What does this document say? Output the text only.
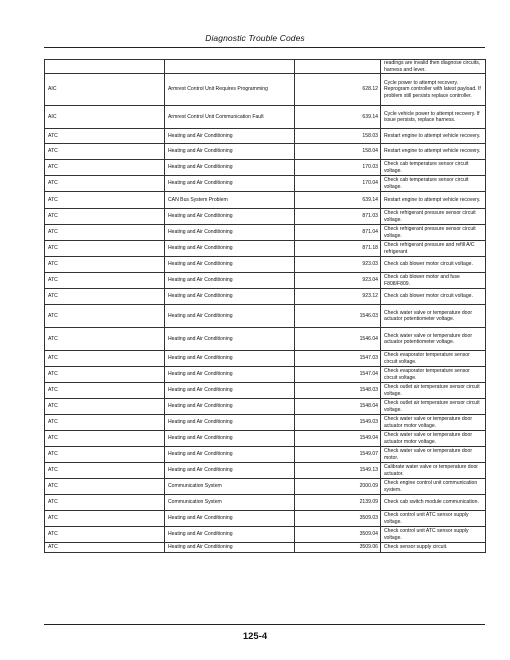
Diagnostic Trouble Codes
			readings are invalid then diagnose circuits, harness and lever.
AIC	Armrest Control Unit Requires Programming	628.12	Cycle power to attempt recovery. Reprogram controller with latest payload. If problem still persists replace controller.
AIC	Armrest Control Unit Communication Fault	639.14	Cycle vehicle power to attempt recovery. If issue persists, replace harness.
ATC	Heating and Air Conditioning	158.03	Restart engine to attempt vehicle recovery.
ATC	Heating and Air Conditioning	158.04	Restart engine to attempt vehicle recovery.
ATC	Heating and Air Conditioning	170.03	Check cab temperature sensor circuit voltage.
ATC	Heating and Air Conditioning	170.04	Check cab temperature sensor circuit voltage.
ATC	CAN Bus System Problem	639.14	Restart engine to attempt vehicle recovery.
ATC	Heating and Air Conditioning	871.03	Check refrigerant pressure sensor circuit voltage.
ATC	Heating and Air Conditioning	871.04	Check refrigerant pressure sensor circuit voltage.
ATC	Heating and Air Conditioning	871.18	Check refrigerant pressure and refill A/C refrigerant
ATC	Heating and Air Conditioning	923.03	Check cab blower motor circuit voltage.
ATC	Heating and Air Conditioning	923.04	Check cab blower motor and fuse F808/F809.
ATC	Heating and Air Conditioning	923.12	Check cab blower motor circuit voltage.
ATC	Heating and Air Conditioning	1546.03	Check water valve or temperature door actuator potentiometer voltage.
ATC	Heating and Air Conditioning	1546.04	Check water valve or temperature door actuator potentiometer voltage.
ATC	Heating and Air Conditioning	1547.03	Check evaporator temperature sensor circuit voltage.
ATC	Heating and Air Conditioning	1547.04	Check evaporator temperature sensor circuit voltage.
ATC	Heating and Air Conditioning	1548.03	Check outlet air temperature sensor circuit voltage.
ATC	Heating and Air Conditioning	1548.04	Check outlet air temperature sensor circuit voltage.
ATC	Heating and Air Conditioning	1549.03	Check water valve or temperature door actuator motor voltage.
ATC	Heating and Air Conditioning	1549.04	Check water valve or temperature door actuator motor voltage.
ATC	Heating and Air Conditioning	1549.07	Check water valve or temperature door motor.
ATC	Heating and Air Conditioning	1549.13	Calibrate water valve or temperature door actuator.
ATC	Communication System	2000.09	Check engine control unit communication system.
ATC	Communication System	2139.09	Check cab switch module communication.
ATC	Heating and Air Conditioning	3509.03	Check control unit ATC sensor supply voltage.
ATC	Heating and Air Conditioning	3509.04	Check control unit ATC sensor supply voltage.
ATC	Heating and Air Conditioning	3509.06	Check sensor supply circuit.
125-4
